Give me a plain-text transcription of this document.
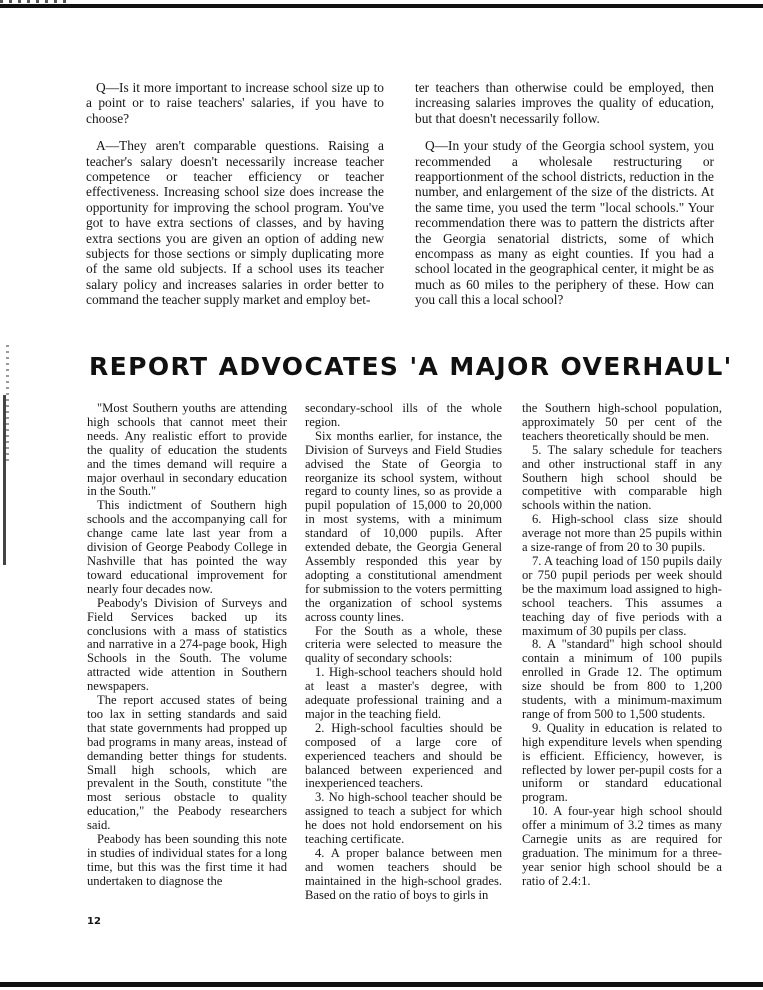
Q—Is it more important to increase school size up to a point or to raise teachers' salaries, if you have to choose?

A—They aren't comparable questions. Raising a teacher's salary doesn't necessarily increase teacher competence or teacher efficiency or teacher effectiveness. Increasing school size does increase the opportunity for improving the school program. You've got to have extra sections of classes, and by having extra sections you are given an option of adding new subjects for those sections or simply duplicating more of the same old subjects. If a school uses its teacher salary policy and increases salaries in order better to command the teacher supply market and employ bet-

ter teachers than otherwise could be employed, then increasing salaries improves the quality of education, but that doesn't necessarily follow.

Q—In your study of the Georgia school system, you recommended a wholesale restructuring or reapportionment of the school districts, reduction in the number, and enlargement of the size of the districts. At the same time, you used the term "local schools." Your recommendation there was to pattern the districts after the Georgia senatorial districts, some of which encompass as many as eight counties. If you had a school located in the geographical center, it might be as much as 60 miles to the periphery of these. How can you call this a local school?

REPORT ADVOCATES 'A MAJOR OVERHAUL'

"Most Southern youths are attending high schools that cannot meet their needs. Any realistic effort to provide the quality of education the students and the times demand will require a major overhaul in secondary education in the South."

This indictment of Southern high schools and the accompanying call for change came late last year from a division of George Peabody College in Nashville that has pointed the way toward educational improvement for nearly four decades now.

Peabody's Division of Surveys and Field Services backed up its conclusions with a mass of statistics and narrative in a 274-page book, High Schools in the South. The volume attracted wide attention in Southern newspapers.

The report accused states of being too lax in setting standards and said that state governments had propped up bad programs in many areas, instead of demanding better things for students. Small high schools, which are prevalent in the South, constitute "the most serious obstacle to quality education," the Peabody researchers said.

Peabody has been sounding this note in studies of individual states for a long time, but this was the first time it had undertaken to diagnose the

secondary-school ills of the whole region.

Six months earlier, for instance, the Division of Surveys and Field Studies advised the State of Georgia to reorganize its school system, without regard to county lines, so as provide a pupil population of 15,000 to 20,000 in most systems, with a minimum standard of 10,000 pupils. After extended debate, the Georgia General Assembly responded this year by adopting a constitutional amendment for submission to the voters permitting the organization of school systems across county lines.

For the South as a whole, these criteria were selected to measure the quality of secondary schools:

1. High-school teachers should hold at least a master's degree, with adequate professional training and a major in the teaching field.

2. High-school faculties should be composed of a large core of experienced teachers and should be balanced between experienced and inexperienced teachers.

3. No high-school teacher should be assigned to teach a subject for which he does not hold endorsement on his teaching certificate.

4. A proper balance between men and women teachers should be maintained in the high-school grades. Based on the ratio of boys to girls in

the Southern high-school population, approximately 50 per cent of the teachers theoretically should be men.

5. The salary schedule for teachers and other instructional staff in any Southern high school should be competitive with comparable high schools within the nation.

6. High-school class size should average not more than 25 pupils within a size-range of from 20 to 30 pupils.

7. A teaching load of 150 pupils daily or 750 pupil periods per week should be the maximum load assigned to high-school teachers. This assumes a teaching day of five periods with a maximum of 30 pupils per class.

8. A "standard" high school should contain a minimum of 100 pupils enrolled in Grade 12. The optimum size should be from 800 to 1,200 students, with a minimum-maximum range of from 500 to 1,500 students.

9. Quality in education is related to high expenditure levels when spending is efficient. Efficiency, however, is reflected by lower per-pupil costs for a uniform or standard educational program.

10. A four-year high school should offer a minimum of 3.2 times as many Carnegie units as are required for graduation. The minimum for a three-year senior high school should be a ratio of 2.4:1.

12
